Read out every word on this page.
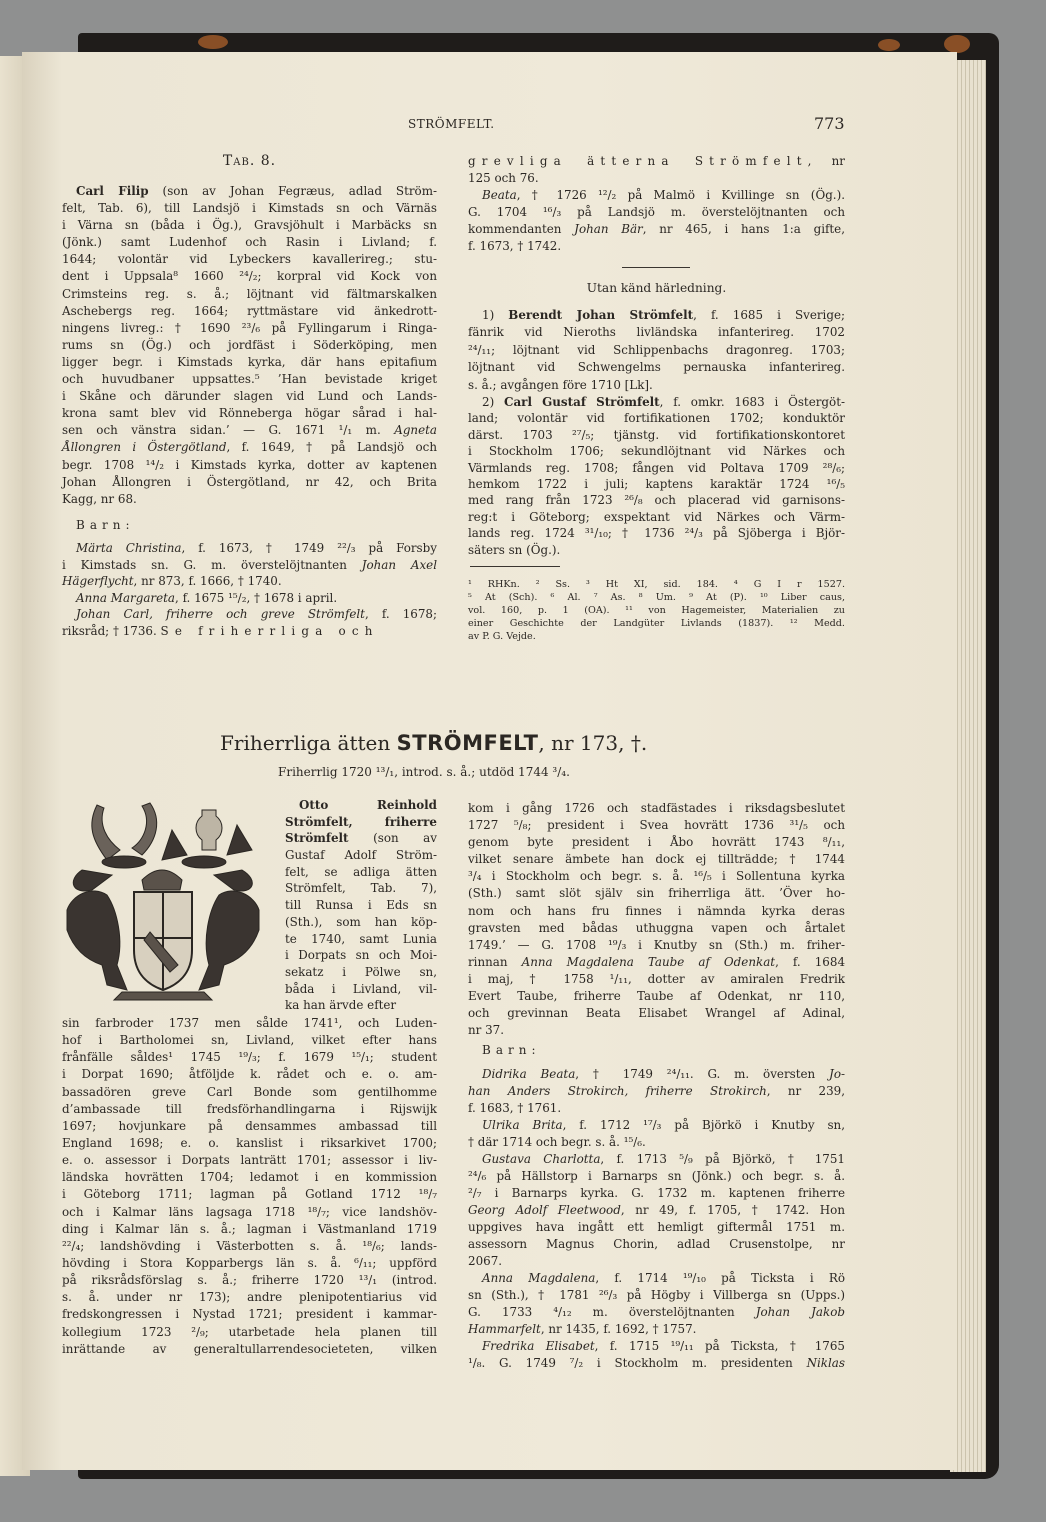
STRÖMFELT.	773
Tab. 8.
Carl Filip (son av Johan Fegræus, adlad Ström-
felt, Tab. 6), till Landsjö i Kimstads sn och Värnäs
i Värna sn (båda i Ög.), Gravsjöhult i Marbäcks sn
(Jönk.) samt Ludenhof och Rasin i Livland; f.
1644; volontär vid Lybeckers kavallerireg.; stu-
dent i Uppsala⁸ 1660 ²⁴/₂; korpral vid Kock von
Crimsteins reg. s. å.; löjtnant vid fältmarskalken
Aschebergs reg. 1664; ryttmästare vid änkedrott-
ningens livreg.: † 1690 ²³/₆ på Fyllingarum i Ringa-
rums sn (Ög.) och jordfäst i Söderköping, men
ligger begr. i Kimstads kyrka, där hans epitafium
och huvudbaner uppsattes.⁵ ’Han bevistade kriget
i Skåne och därunder slagen vid Lund och Lands-
krona samt blev vid Rönneberga högar sårad i hal-
sen och vänstra sidan.’ — G. 1671 ¹/₁ m. Agneta
Ållongren i Östergötland, f. 1649, † på Landsjö och
begr. 1708 ¹⁴/₂ i Kimstads kyrka, dotter av kaptenen
Johan Ållongren i Östergötland, nr 42, och Brita
Kagg, nr 68.
Barn:
Märta Christina, f. 1673, † 1749 ²²/₃ på Forsby
i Kimstads sn. G. m. överstelöjtnanten Johan Axel
Hägerflycht, nr 873, f. 1666, † 1740.
Anna Margareta, f. 1675 ¹⁵/₂, † 1678 i april.
Johan Carl, friherre och greve Strömfelt, f. 1678;
riksråd; † 1736. Se friherrliga och
grevliga ätterna Strömfelt, nr
125 och 76.
Beata, † 1726 ¹²/₂ på Malmö i Kvillinge sn (Ög.).
G. 1704 ¹⁶/₃ på Landsjö m. överstelöjtnanten och
kommendanten Johan Bär, nr 465, i hans 1:a gifte,
f. 1673, † 1742.
Utan känd härledning.
1) Berendt Johan Strömfelt, f. 1685 i Sverige;
fänrik vid Nieroths livländska infanterireg. 1702
²⁴/₁₁; löjtnant vid Schlippenbachs dragonreg. 1703;
löjtnant vid Schwengelms pernauska infanterireg.
s. å.; avgången före 1710 [Lk].
2) Carl Gustaf Strömfelt, f. omkr. 1683 i Östergöt-
land; volontär vid fortifikationen 1702; konduktör
därst. 1703 ²⁷/₅; tjänstg. vid fortifikationskontoret
i Stockholm 1706; sekundlöjtnant vid Närkes och
Värmlands reg. 1708; fången vid Poltava 1709 ²⁸/₆;
hemkom 1722 i juli; kaptens karaktär 1724 ¹⁶/₅
med rang från 1723 ²⁶/₈ och placerad vid garnisons-
reg:t i Göteborg; exspektant vid Närkes och Värm-
lands reg. 1724 ³¹/₁₀; † 1736 ²⁴/₃ på Sjöberga i Björ-
säters sn (Ög.).
¹ RHKn. ² Ss. ³ Ht XI, sid. 184. ⁴ G I r 1527.
⁵ At (Sch). ⁶ Al. ⁷ As. ⁸ Um. ⁹ At (P). ¹⁰ Liber caus,
vol. 160, p. 1 (OA). ¹¹ von Hagemeister, Materialien zu
einer Geschichte der Landgüter Livlands (1837). ¹² Medd.
av P. G. Vejde.
Friherrliga ätten STRÖMFELT, nr 173, †.
Friherrlig 1720 ¹³/₁, introd. s. å.; utdöd 1744 ³/₄.
Otto Reinhold
Strömfelt, friherre
Strömfelt (son av
Gustaf Adolf Ström-
felt, se adliga ätten
Strömfelt, Tab. 7),
till Runsa i Eds sn
(Sth.), som han köp-
te 1740, samt Lunia
i Dorpats sn och Moi-
sekatz i Pölwe sn,
båda i Livland, vil-
ka han ärvde efter
sin farbroder 1737 men sålde 1741¹, och Luden-
hof i Bartholomei sn, Livland, vilket efter hans
frånfälle såldes¹ 1745 ¹⁹/₃; f. 1679 ¹⁵/₁; student
i Dorpat 1690; åtföljde k. rådet och e. o. am-
bassadören greve Carl Bonde som gentilhomme
d’ambassade till fredsförhandlingarna i Rijswijk
1697; hovjunkare på densammes ambassad till
England 1698; e. o. kanslist i riksarkivet 1700;
e. o. assessor i Dorpats lanträtt 1701; assessor i liv-
ländska hovrätten 1704; ledamot i en kommission
i Göteborg 1711; lagman på Gotland 1712 ¹⁸/₇
och i Kalmar läns lagsaga 1718 ¹⁸/₇; vice landshöv-
ding i Kalmar län s. å.; lagman i Västmanland 1719
²²/₄; landshövding i Västerbotten s. å. ¹⁸/₆; lands-
hövding i Stora Kopparbergs län s. å. ⁶/₁₁; uppförd
på riksrådsförslag s. å.; friherre 1720 ¹³/₁ (introd.
s. å. under nr 173); andre plenipotentiarius vid
fredskongressen i Nystad 1721; president i kammar-
kollegium 1723 ²/₉; utarbetade hela planen till
inrättande av generaltullarrendesocieteten, vilken
kom i gång 1726 och stadfästades i riksdagsbeslutet
1727 ⁵/₈; president i Svea hovrätt 1736 ³¹/₅ och
genom byte president i Åbo hovrätt 1743 ⁸/₁₁,
vilket senare ämbete han dock ej tillträdde; † 1744
³/₄ i Stockholm och begr. s. å. ¹⁶/₅ i Sollentuna kyrka
(Sth.) samt slöt själv sin friherrliga ätt. ’Över ho-
nom och hans fru finnes i nämnda kyrka deras
gravsten med bådas uthuggna vapen och årtalet
1749.’ — G. 1708 ¹⁹/₃ i Knutby sn (Sth.) m. friher-
rinnan Anna Magdalena Taube af Odenkat, f. 1684
i maj, † 1758 ¹/₁₁, dotter av amiralen Fredrik
Evert Taube, friherre Taube af Odenkat, nr 110,
och grevinnan Beata Elisabet Wrangel af Adinal,
nr 37.
Barn:
Didrika Beata, † 1749 ²⁴/₁₁. G. m. översten Jo-
han Anders Strokirch, friherre Strokirch, nr 239,
f. 1683, † 1761.
Ulrika Brita, f. 1712 ¹⁷/₃ på Björkö i Knutby sn,
† där 1714 och begr. s. å. ¹⁵/₆.
Gustava Charlotta, f. 1713 ⁵/₉ på Björkö, † 1751
²⁴/₆ på Hällstorp i Barnarps sn (Jönk.) och begr. s. å.
²/₇ i Barnarps kyrka. G. 1732 m. kaptenen friherre
Georg Adolf Fleetwood, nr 49, f. 1705, † 1742. Hon
uppgives hava ingått ett hemligt giftermål 1751 m.
assessorn Magnus Chorin, adlad Crusenstolpe, nr
2067.
Anna Magdalena, f. 1714 ¹⁹/₁₀ på Ticksta i Rö
sn (Sth.), † 1781 ²⁶/₃ på Högby i Villberga sn (Upps.)
G. 1733 ⁴/₁₂ m. överstelöjtnanten Johan Jakob
Hammarfelt, nr 1435, f. 1692, † 1757.
Fredrika Elisabet, f. 1715 ¹⁹/₁₁ på Ticksta, † 1765
¹/₈. G. 1749 ⁷/₂ i Stockholm m. presidenten Niklas
